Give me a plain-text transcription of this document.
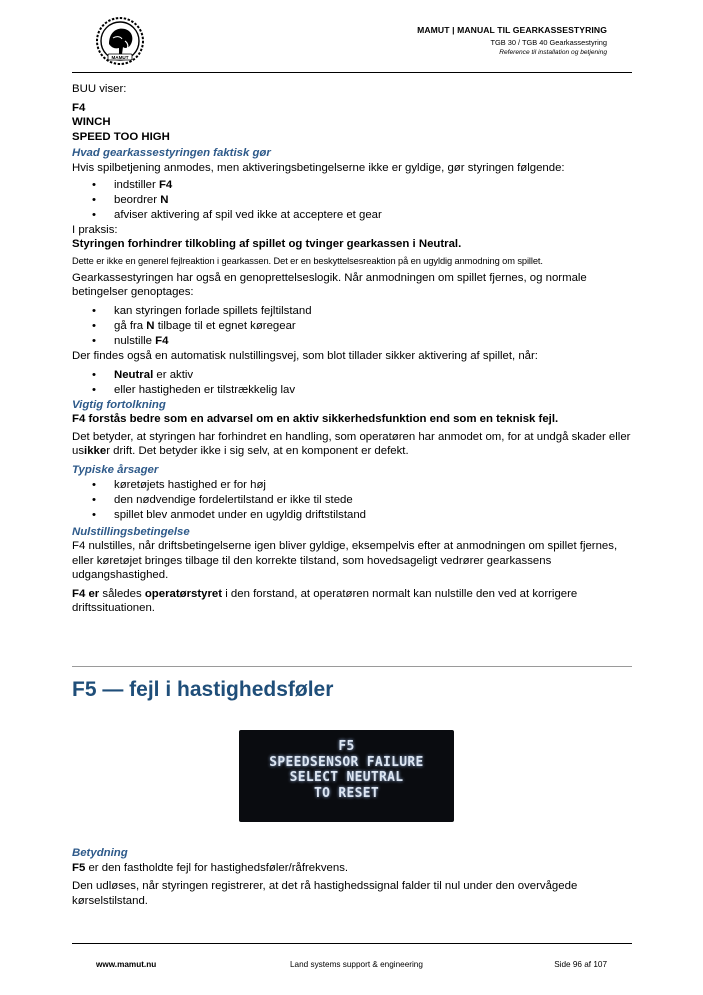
MAMUT
MAMUT | MANUAL TIL GEARKASSESTYRING
TGB 30 / TGB 40 Gearkassestyring
Reference til installation og betjening
BUU viser:
F4
WINCH
SPEED TOO HIGH
Hvad gearkassestyringen faktisk gør
Hvis spilbetjening anmodes, men aktiveringsbetingelserne ikke er gyldige, gør styringen følgende:
• indstiller F4
• beordrer N
• afviser aktivering af spil ved ikke at acceptere et gear
I praksis:
Styringen forhindrer tilkobling af spillet og tvinger gearkassen i Neutral.
Dette er ikke en generel fejlreaktion i gearkassen. Det er en beskyttelsesreaktion på en ugyldig anmodning om spillet.
Gearkassestyringen har også en genoprettelseslogik. Når anmodningen om spillet fjernes, og normale betingelser genoptages:
• kan styringen forlade spillets fejltilstand
• gå fra N tilbage til et egnet køregear
• nulstille F4
Der findes også en automatisk nulstillingsvej, som blot tillader sikker aktivering af spillet, når:
• Neutral er aktiv
• eller hastigheden er tilstrækkelig lav
Vigtig fortolkning
F4 forstås bedre som en advarsel om en aktiv sikkerhedsfunktion end som en teknisk fejl.
Det betyder, at styringen har forhindret en handling, som operatøren har anmodet om, for at undgå skader eller usikker drift. Det betyder ikke i sig selv, at en komponent er defekt.
Typiske årsager
• køretøjets hastighed er for høj
• den nødvendige fordelertilstand er ikke til stede
• spillet blev anmodet under en ugyldig driftstilstand
Nulstillingsbetingelse
F4 nulstilles, når driftsbetingelserne igen bliver gyldige, eksempelvis efter at anmodningen om spillet fjernes, eller køretøjet bringes tilbage til den korrekte tilstand, som hovedsageligt vedrører gearkassens udgangshastighed.
F4 er således operatørstyret i den forstand, at operatøren normalt kan nulstille den ved at korrigere driftssituationen.
F5 — fejl i hastighedsføler
F5
SPEEDSENSOR FAILURE
SELECT NEUTRAL
TO RESET
Betydning
F5 er den fastholdte fejl for hastighedsføler/råfrekvens.
Den udløses, når styringen registrerer, at det rå hastighedssignal falder til nul under den overvågede kørselstilstand.
www.mamut.nu	Land systems support & engineering	Side 96 af 107
